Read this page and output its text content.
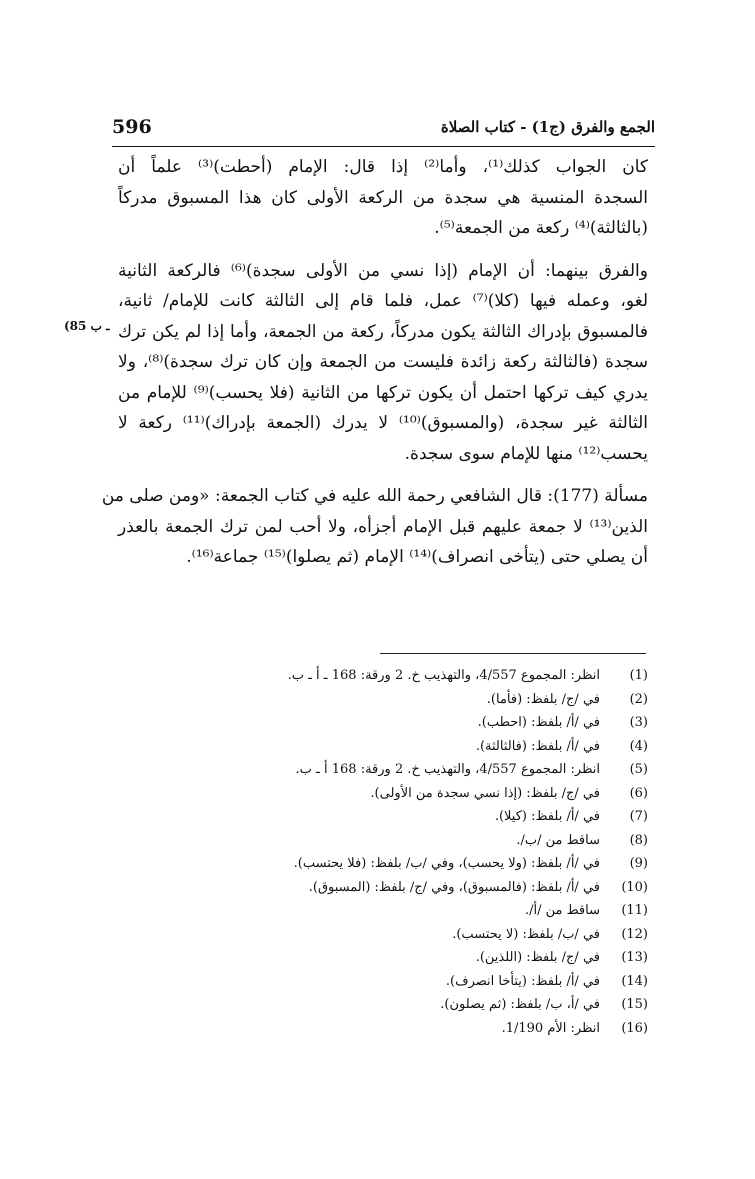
596	الجمع والفرق (ج1) - كتاب الصلاة
(85 ـ ب
كان الجواب كذلك⁽¹⁾، وأما⁽²⁾ إذا قال: الإمام (أحطت)⁽³⁾ علماً أن
السجدة المنسية هي سجدة من الركعة الأولى كان هذا المسبوق مدركاً
(بالثالثة)⁽⁴⁾ ركعة من الجمعة⁽⁵⁾.
والفرق بينهما: أن الإمام (إذا نسي من الأولى سجدة)⁽⁶⁾ فالركعة الثانية
لغو، وعمله فيها (كلا)⁽⁷⁾ عمل، فلما قام إلى الثالثة كانت للإمام/ ثانية،
فالمسبوق بإدراك الثالثة يكون مدركاً، ركعة من الجمعة، وأما إذا لم يكن ترك
سجدة (فالثالثة ركعة زائدة فليست من الجمعة وإن كان ترك سجدة)⁽⁸⁾، ولا
يدري كيف تركها احتمل أن يكون تركها من الثانية (فلا يحسب)⁽⁹⁾ للإمام من
الثالثة غير سجدة، (والمسبوق)⁽¹⁰⁾ لا يدرك (الجمعة بإدراك)⁽¹¹⁾ ركعة لا
يحسب⁽¹²⁾ منها للإمام سوى سجدة.
مسألة (177): قال الشافعي رحمة الله عليه في كتاب الجمعة: «ومن صلى من
الذين⁽¹³⁾ لا جمعة عليهم قبل الإمام أجزأه، ولا أحب لمن ترك الجمعة بالعذر
أن يصلي حتى (يتأخى انصراف)⁽¹⁴⁾ الإمام (ثم يصلوا)⁽¹⁵⁾ جماعة⁽¹⁶⁾.
(1)
انظر: المجموع 4/557، والتهذيب خ. 2 ورقة: 168 ـ أ ـ ب.
(2)
في /ج/ بلفظ: (فأما).
(3)
في /أ/ بلفظ: (احطب).
(4)
في /أ/ بلفظ: (فالثالثة).
(5)
انظر: المجموع 4/557، والتهذيب خ. 2 ورقة: 168 أ ـ ب.
(6)
في /ج/ بلفظ: (إذا نسي سجدة من الأولى).
(7)
في /أ/ بلفظ: (كيلا).
(8)
ساقط من /ب/.
(9)
في /أ/ بلفظ: (ولا يحسب)، وفي /ب/ بلفظ: (فلا يحتسب).
(10)
في /أ/ بلفظ: (فالمسبوق)، وفي /ج/ بلفظ: (المسبوق).
(11)
ساقط من /أ/.
(12)
في /ب/ بلفظ: (لا يحتسب).
(13)
في /ج/ بلفظ: (اللذين).
(14)
في /أ/ بلفظ: (يتأخا انصرف).
(15)
في /أ، ب/ بلفظ: (ثم يصلون).
(16)
انظر: الأم 1/190.
